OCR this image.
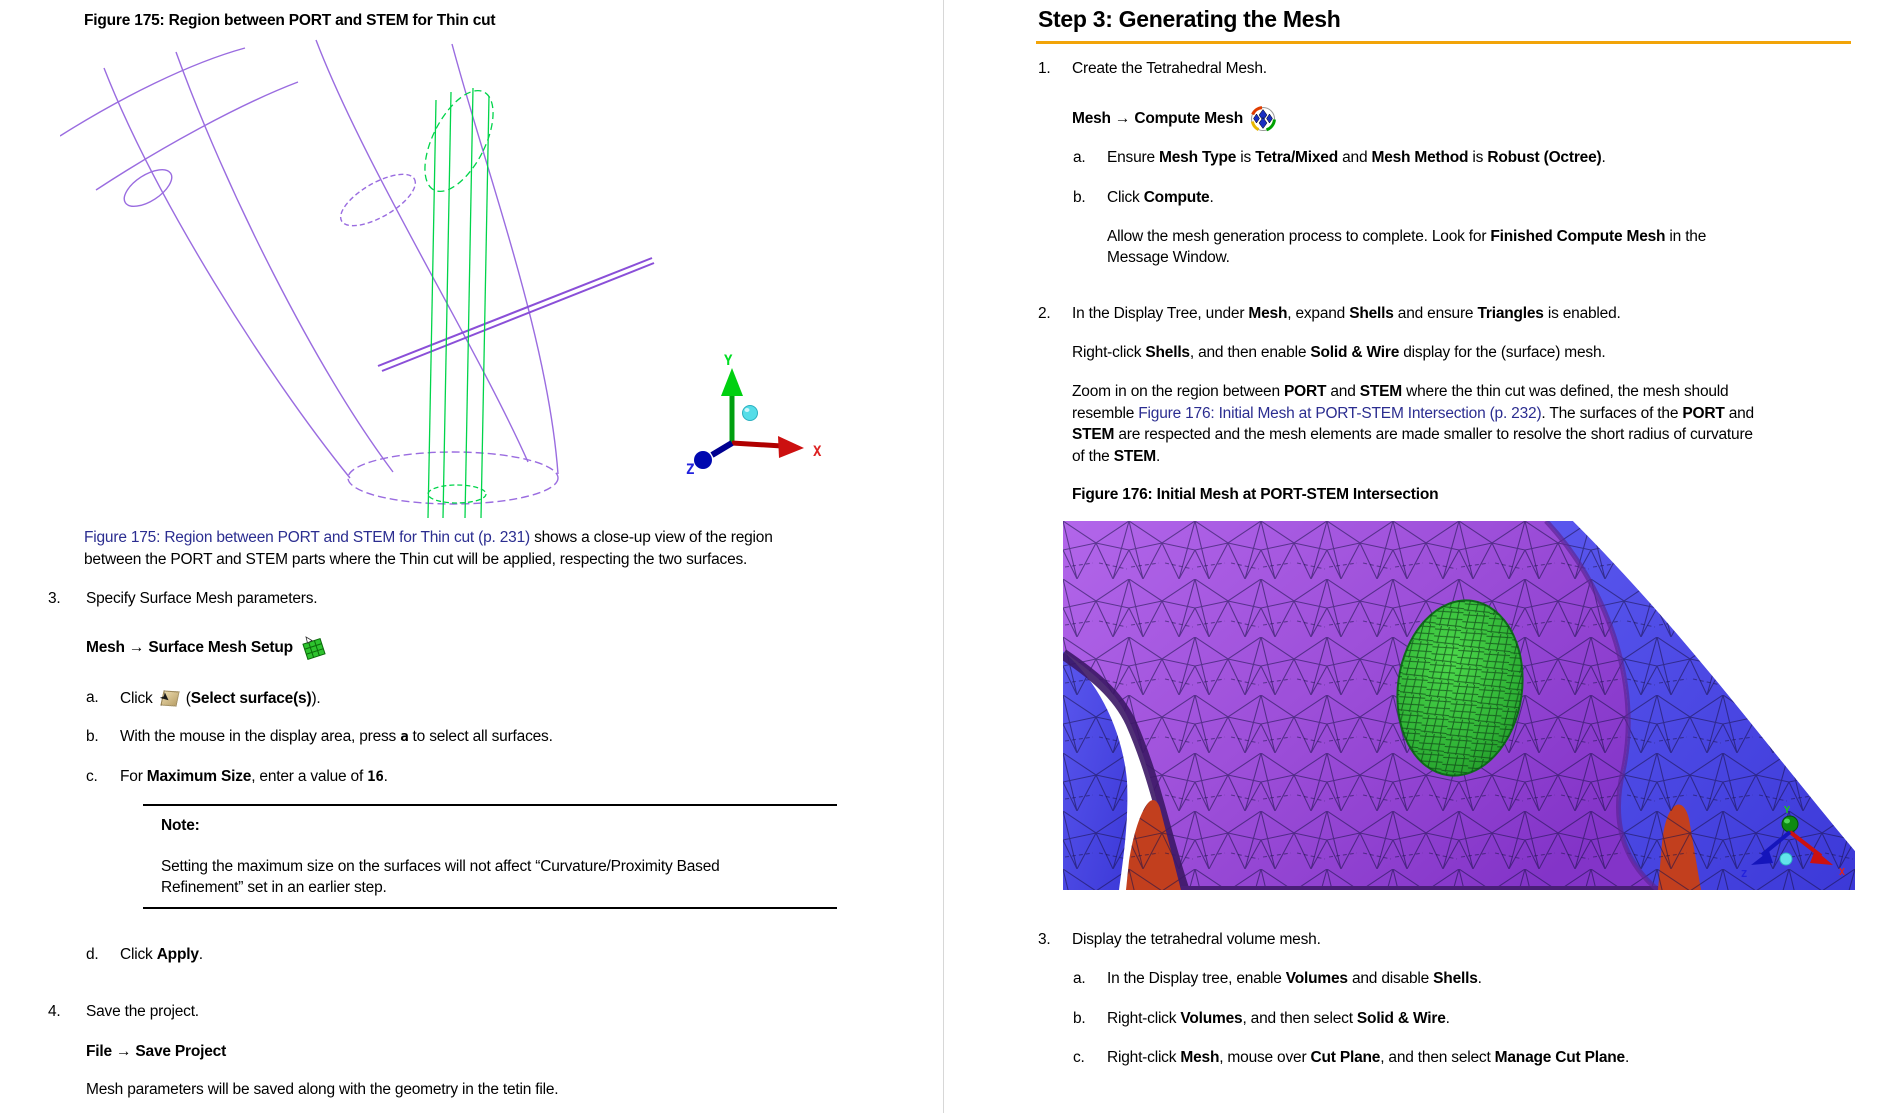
Figure 175: Region between PORT and STEM for Thin cut
Y
X
Z
Figure 175: Region between PORT and STEM for Thin cut (p. 231) shows a close-up view of the region
between the PORT and STEM parts where the Thin cut will be applied, respecting the two surfaces.
3. Specify Surface Mesh parameters.
Mesh → Surface Mesh Setup
a. Click ➤ (Select surface(s)).
b. With the mouse in the display area, press a to select all surfaces.
c. For Maximum Size, enter a value of 16.
Note:
Setting the maximum size on the surfaces will not affect “Curvature/Proximity Based
Refinement” set in an earlier step.
d. Click Apply.
4. Save the project.
File → Save Project
Mesh parameters will be saved along with the geometry in the tetin file.
Step 3: Generating the Mesh
1. Create the Tetrahedral Mesh.
Mesh → Compute Mesh
a. Ensure Mesh Type is Tetra/Mixed and Mesh Method is Robust (Octree).
b. Click Compute.
Allow the mesh generation process to complete. Look for Finished Compute Mesh in the
Message Window.
2. In the Display Tree, under Mesh, expand Shells and ensure Triangles is enabled.
Right-click Shells, and then enable Solid & Wire display for the (surface) mesh.
Zoom in on the region between PORT and STEM where the thin cut was defined, the mesh should
resemble Figure 176: Initial Mesh at PORT-STEM Intersection (p. 232). The surfaces of the PORT and
STEM are respected and the mesh elements are made smaller to resolve the short radius of curvature
of the STEM.
Figure 176: Initial Mesh at PORT-STEM Intersection
Y
X
Z
3. Display the tetrahedral volume mesh.
a. In the Display tree, enable Volumes and disable Shells.
b. Right-click Volumes, and then select Solid & Wire.
c. Right-click Mesh, mouse over Cut Plane, and then select Manage Cut Plane.
